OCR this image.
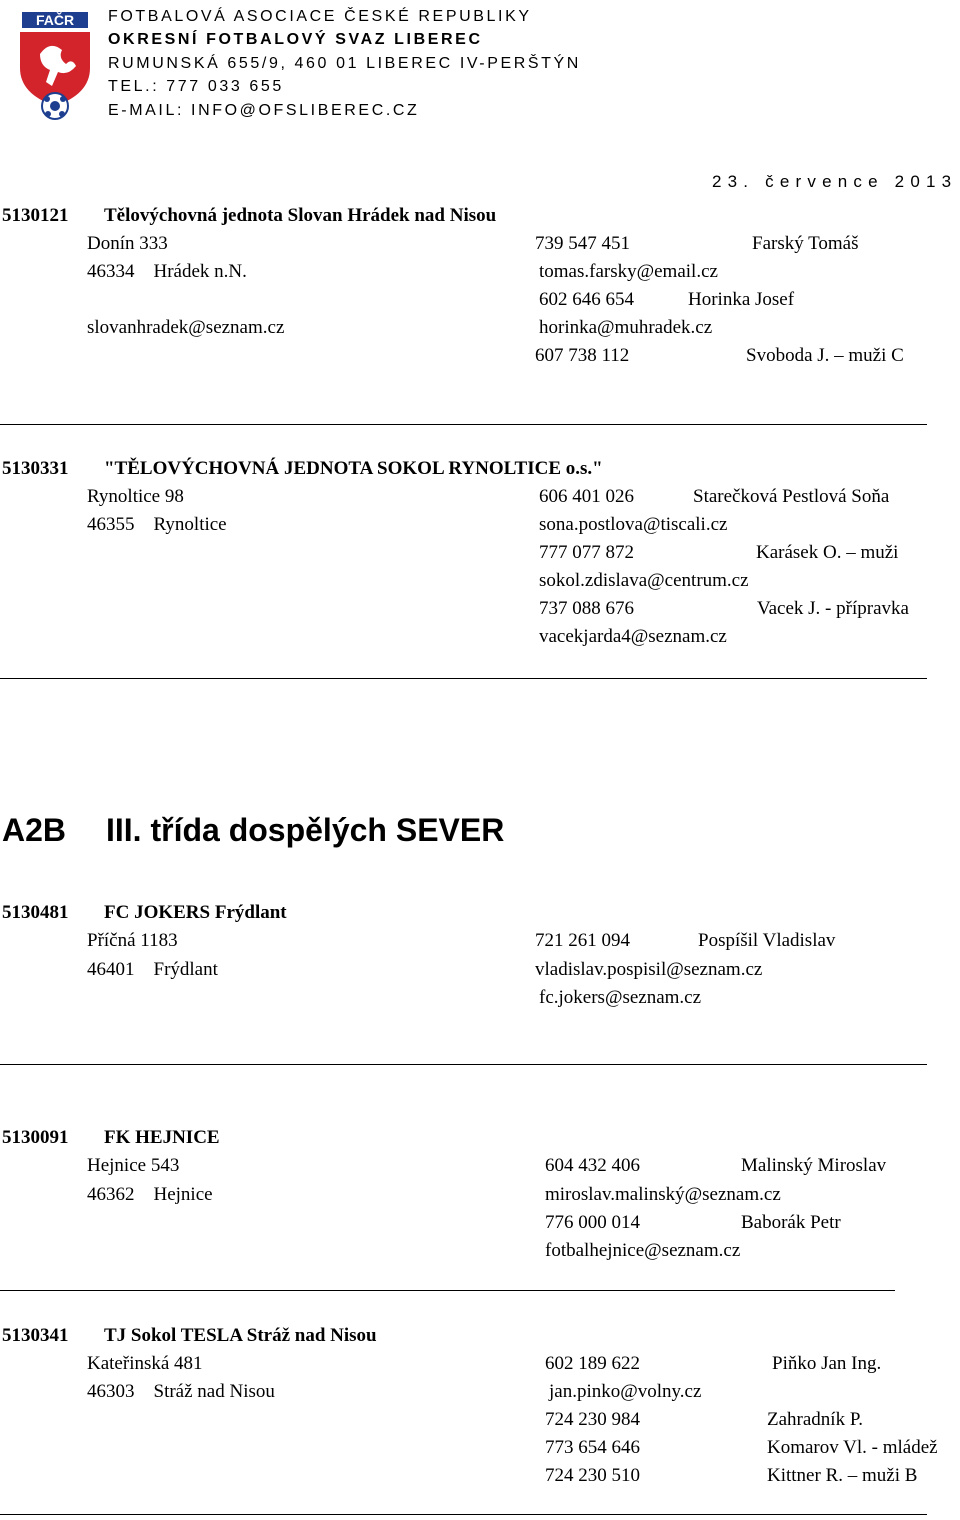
FAČR FOTBALOVÁ ASOCIACE ČESKÉ REPUBLIKY
OKRESNÍ FOTBALOVÝ SVAZ LIBEREC
RUMUNSKÁ 655/9, 460 01 LIBEREC IV-PERŠTÝN
TEL.: 777 033 655
E-MAIL: INFO@OFSLIBEREC.CZ
23. července 2013
5130121 Tělovýchovná jednota Slovan Hrádek nad Nisou
Donín 333
46334    Hrádek n.N.
slovanhradek@seznam.cz
739 547 451
tomas.farsky@email.cz
602 646 654
horinka@muhradek.cz
607 738 112
Farský Tomáš
Horinka Josef
Svoboda J. – muži C
5130331 "TĚLOVÝCHOVNÁ JEDNOTA SOKOL RYNOLTICE o.s."
Rynoltice 98
46355    Rynoltice
606 401 026
sona.postlova@tiscali.cz
777 077 872
sokol.zdislava@centrum.cz
737 088 676
vacekjarda4@seznam.cz
Starečková Pestlová Soňa
Karásek O. – muži
Vacek J. - přípravka
A2B III. třída dospělých SEVER
5130481 FC JOKERS Frýdlant
Příčná 1183
46401    Frýdlant
721 261 094
vladislav.pospisil@seznam.cz
fc.jokers@seznam.cz
Pospíšil Vladislav
5130091 FK HEJNICE
Hejnice 543
46362    Hejnice
604 432 406
miroslav.malinský@seznam.cz
776 000 014
fotbalhejnice@seznam.cz
Malinský Miroslav
Baborák Petr
5130341 TJ Sokol TESLA Stráž nad Nisou
Kateřinská 481
46303    Stráž nad Nisou
602 189 622
jan.pinko@volny.cz
724 230 984
773 654 646
724 230 510
Piňko Jan Ing.
Zahradník P.
Komarov Vl. - mládež
Kittner R. – muži B
